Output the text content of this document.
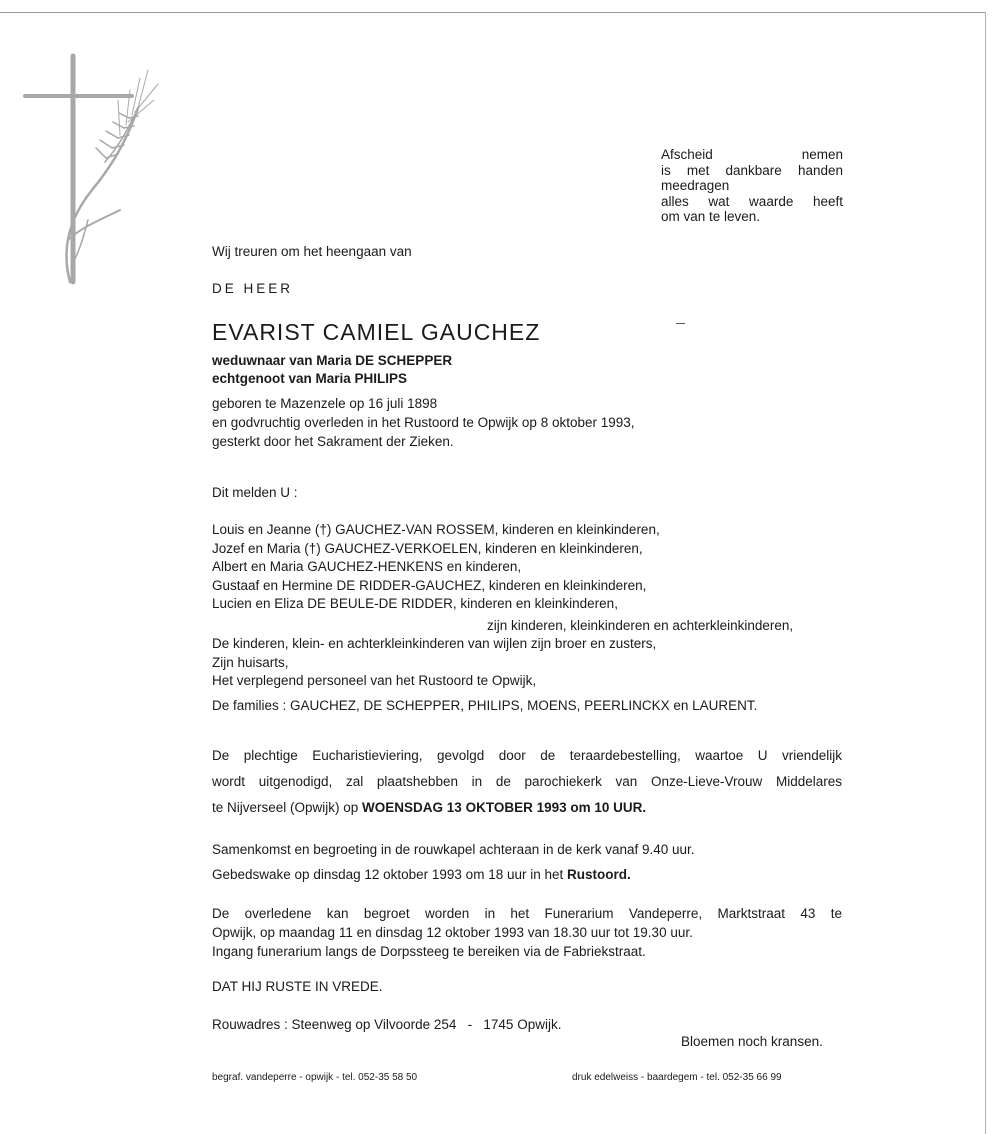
Afscheid nemen
is met dankbare handen
meedragen
alles wat waarde heeft
om van te leven.
Wij treuren om het heengaan van
DE HEER
EVARIST CAMIEL GAUCHEZ
weduwnaar van Maria DE SCHEPPER
echtgenoot van Maria PHILIPS
geboren te Mazenzele op 16 juli 1898
en godvruchtig overleden in het Rustoord te Opwijk op 8 oktober 1993,
gesterkt door het Sakrament der Zieken.
Dit melden U :
Louis en Jeanne (†) GAUCHEZ-VAN ROSSEM, kinderen en kleinkinderen,
Jozef en Maria (†) GAUCHEZ-VERKOELEN, kinderen en kleinkinderen,
Albert en Maria GAUCHEZ-HENKENS en kinderen,
Gustaaf en Hermine DE RIDDER-GAUCHEZ, kinderen en kleinkinderen,
Lucien en Eliza DE BEULE-DE RIDDER, kinderen en kleinkinderen,
zijn kinderen, kleinkinderen en achterkleinkinderen,
De kinderen, klein- en achterkleinkinderen van wijlen zijn broer en zusters,
Zijn huisarts,
Het verplegend personeel van het Rustoord te Opwijk,
De families : GAUCHEZ, DE SCHEPPER, PHILIPS, MOENS, PEERLINCKX en LAURENT.
De plechtige Eucharistieviering, gevolgd door de teraardebestelling, waartoe U vriendelijk
wordt uitgenodigd, zal plaatshebben in de parochiekerk van Onze-Lieve-Vrouw Middelares
te Nijverseel (Opwijk) op WOENSDAG 13 OKTOBER 1993 om 10 UUR.
Samenkomst en begroeting in de rouwkapel achteraan in de kerk vanaf 9.40 uur.
Gebedswake op dinsdag 12 oktober 1993 om 18 uur in het Rustoord.
De overledene kan begroet worden in het Funerarium Vandeperre, Marktstraat 43 te
Opwijk, op maandag 11 en dinsdag 12 oktober 1993 van 18.30 uur tot 19.30 uur.
Ingang funerarium langs de Dorpssteeg te bereiken via de Fabriekstraat.
DAT HIJ RUSTE IN VREDE.
Rouwadres : Steenweg op Vilvoorde 254   -   1745 Opwijk.
Bloemen noch kransen.
begraf. vandeperre - opwijk - tel. 052-35 58 50	druk edelweiss - baardegem - tel. 052-35 66 99
